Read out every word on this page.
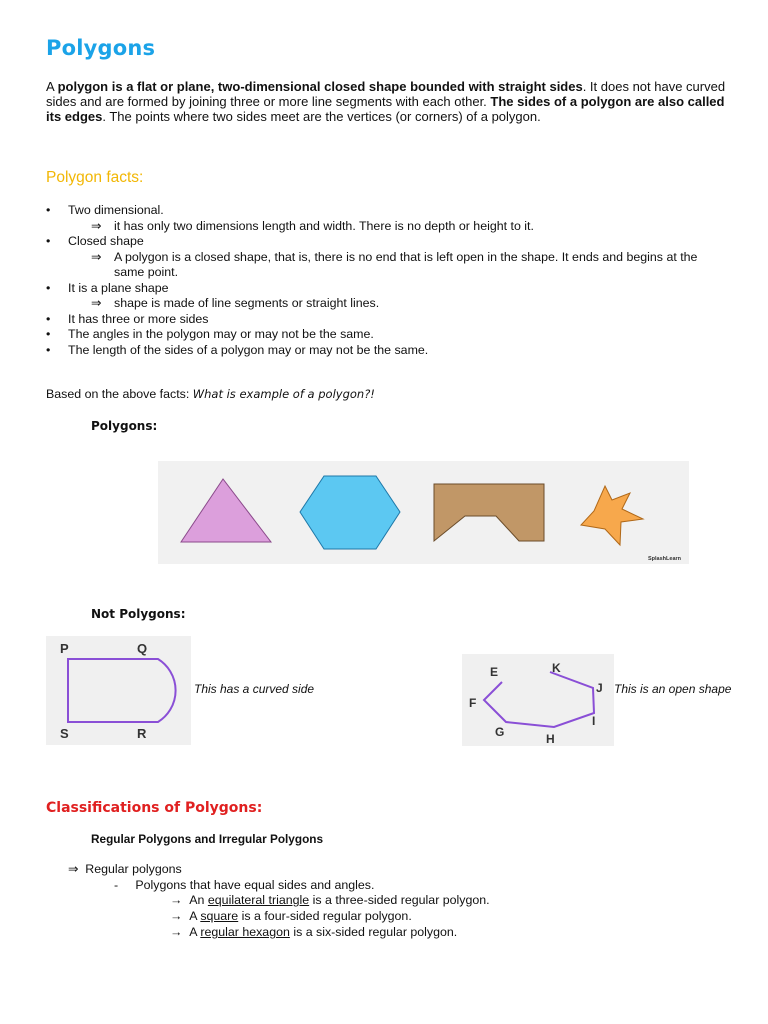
Polygons
A polygon is a flat or plane, two-dimensional closed shape bounded with straight sides. It does not have curved sides and are formed by joining three or more line segments with each other. The sides of a polygon are also called its edges. The points where two sides meet are the vertices (or corners) of a polygon.
Polygon facts:
• Two dimensional.
⇒ it has only two dimensions length and width. There is no depth or height to it.
• Closed shape
⇒ A polygon is a closed shape, that is, there is no end that is left open in the shape. It ends and begins at the same point.
• It is a plane shape
⇒ shape is made of line segments or straight lines.
• It has three or more sides
• The angles in the polygon may or may not be the same.
• The length of the sides of a polygon may or may not be the same.
Based on the above facts: What is example of a polygon?!
Polygons:
SplashLearn
Not Polygons:
P	Q
S	R
This has a curved side
E	K
J
F
I
G	H
This is an open shape
Classifications of Polygons:
Regular Polygons and Irregular Polygons
⇒ Regular polygons
- Polygons that have equal sides and angles.
→ An equilateral triangle is a three-sided regular polygon.
→ A square is a four-sided regular polygon.
→ A regular hexagon is a six-sided regular polygon.
